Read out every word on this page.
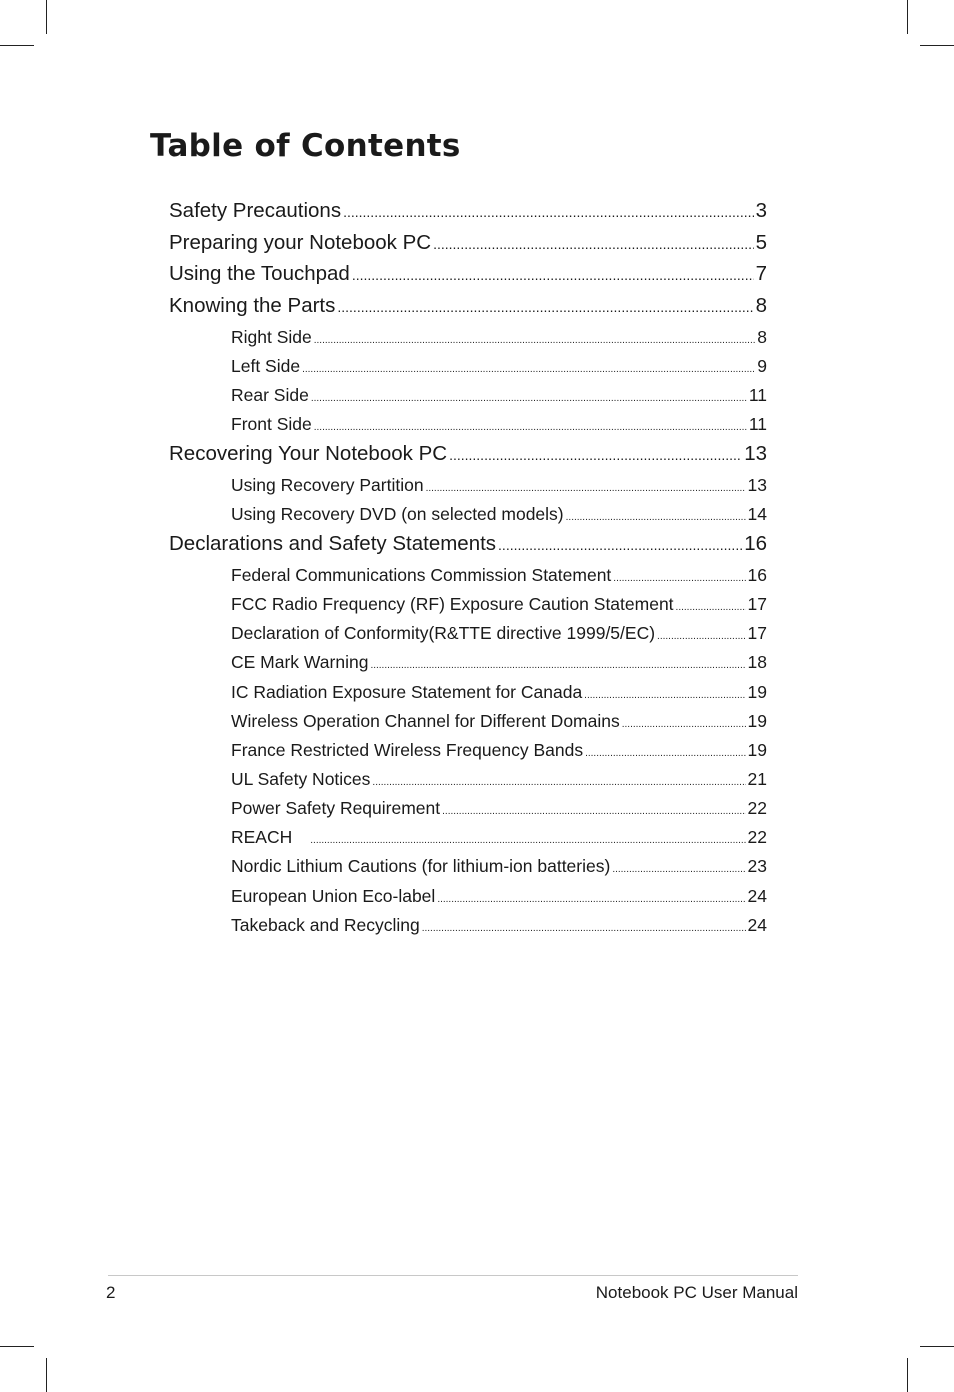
Table of Contents
Safety Precautions .....	3
Preparing your Notebook PC .....	5
Using the Touchpad .....	7
Knowing the Parts .....	8
Right Side .....	8
Left Side .....	9
Rear Side .....	11
Front Side .....	11
Recovering Your Notebook PC .....	13
Using Recovery Partition .....	13
Using Recovery DVD (on selected models) .....	14
Declarations and Safety Statements .....	16
Federal Communications Commission Statement .....	16
FCC Radio Frequency (RF) Exposure Caution Statement .....	17
Declaration of Conformity(R&TTE directive 1999/5/EC) .....	17
CE Mark Warning .....	18
IC Radiation Exposure Statement for Canada .....	19
Wireless Operation Channel for Different Domains .....	19
France Restricted Wireless Frequency Bands .....	19
UL Safety Notices .....	21
Power Safety Requirement .....	22
REACH .....	22
Nordic Lithium Cautions (for lithium-ion batteries) .....	23
European Union Eco-label .....	24
Takeback and Recycling .....	24
2	Notebook PC User Manual
